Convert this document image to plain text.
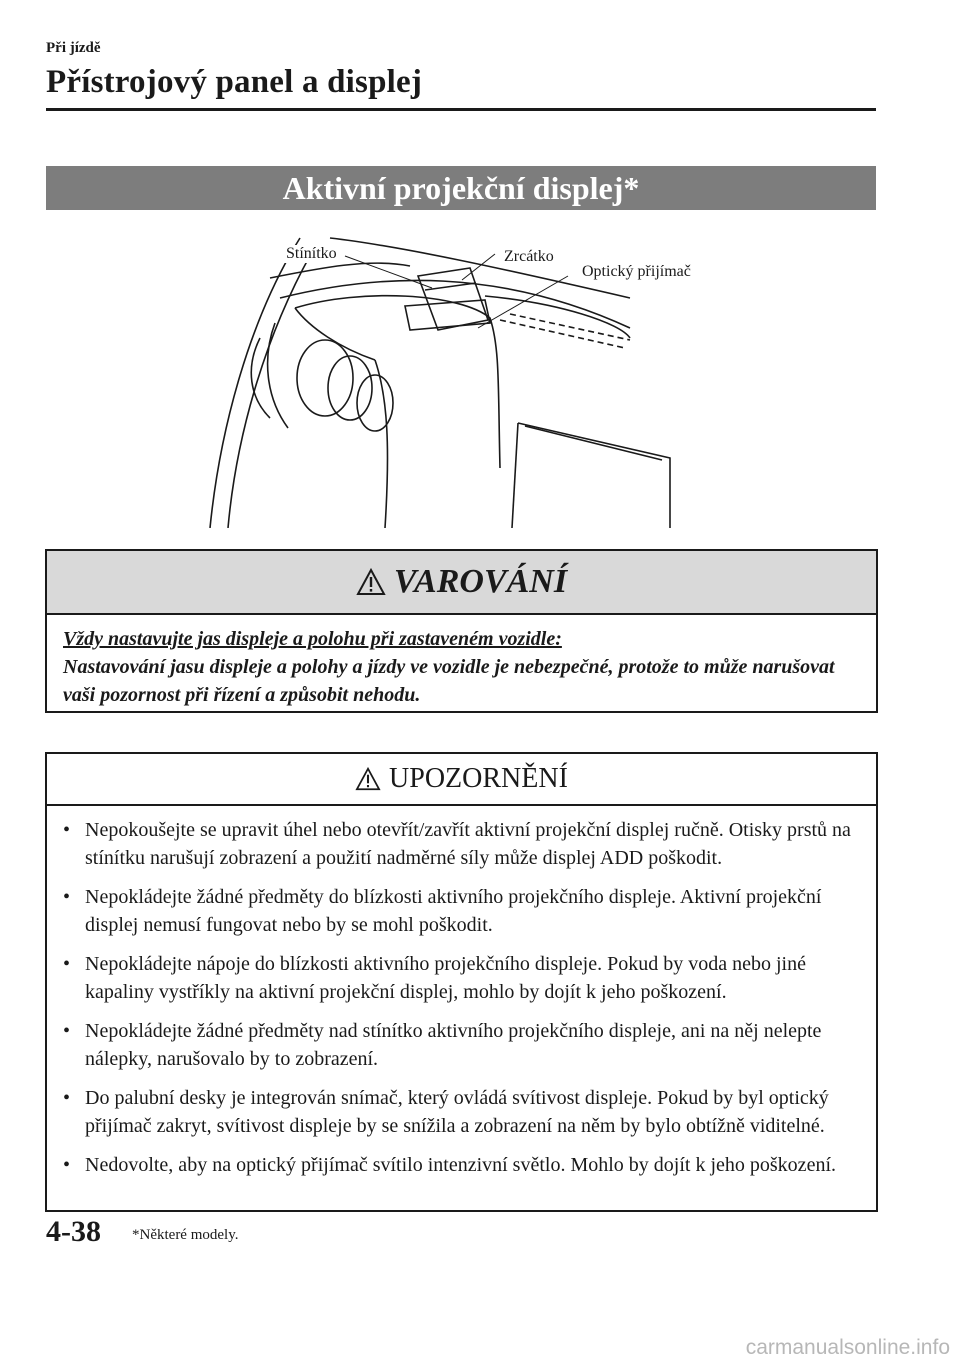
Při jízdě
Přístrojový panel a displej
Aktivní projekční displej*
Stínítko	Zrcátko
Optický přijímač
VAROVÁNÍ
Vždy nastavujte jas displeje a polohu při zastaveném vozidle:
Nastavování jasu displeje a polohy a jízdy ve vozidle je nebezpečné, protože to může narušovat vaši pozornost při řízení a způsobit nehodu.
UPOZORNĚNÍ
• Nepokoušejte se upravit úhel nebo otevřít/zavřít aktivní projekční displej ručně. Otisky prstů na stínítku narušují zobrazení a použití nadměrné síly může displej ADD poškodit.
• Nepokládejte žádné předměty do blízkosti aktivního projekčního displeje. Aktivní projekční displej nemusí fungovat nebo by se mohl poškodit.
• Nepokládejte nápoje do blízkosti aktivního projekčního displeje. Pokud by voda nebo jiné kapaliny vystříkly na aktivní projekční displej, mohlo by dojít k jeho poškození.
• Nepokládejte žádné předměty nad stínítko aktivního projekčního displeje, ani na něj nelepte nálepky, narušovalo by to zobrazení.
• Do palubní desky je integrován snímač, který ovládá svítivost displeje. Pokud by byl optický přijímač zakryt, svítivost displeje by se snížila a zobrazení na něm by bylo obtížně viditelné.
• Nedovolte, aby na optický přijímač svítilo intenzivní světlo. Mohlo by dojít k jeho poškození.
4-38 *Některé modely.
carmanualsonline.info
